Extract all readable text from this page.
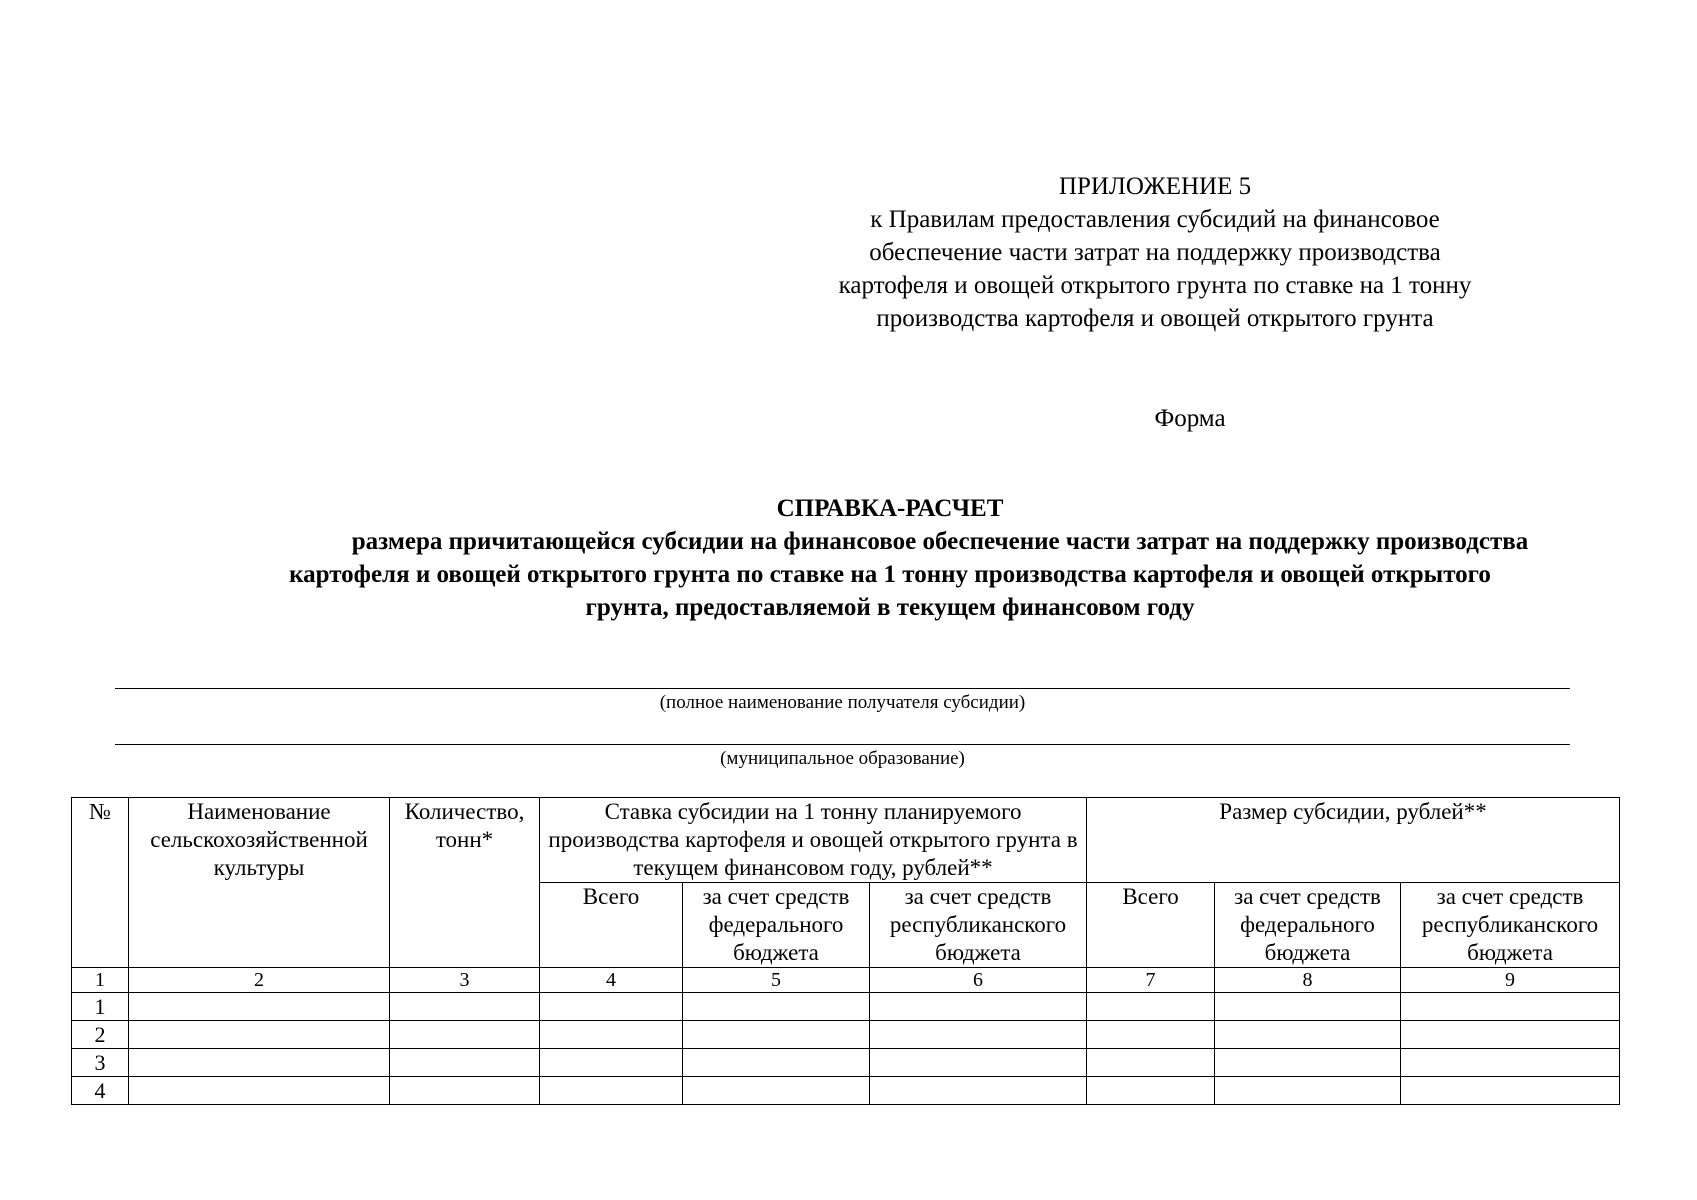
ПРИЛОЖЕНИЕ 5
к Правилам предоставления субсидий на финансовое
обеспечение части затрат на поддержку производства
картофеля и овощей открытого грунта по ставке на 1 тонну
производства картофеля и овощей открытого грунта
Форма
СПРАВКА-РАСЧЕТ
размера причитающейся субсидии на финансовое обеспечение части затрат на поддержку производства
картофеля и овощей открытого грунта по ставке на 1 тонну производства картофеля и овощей открытого
грунта, предоставляемой в текущем финансовом году
(полное наименование получателя субсидии)
(муниципальное образование)
№	Наименование сельскохозяйственной культуры	Количество, тонн*	Ставка субсидии на 1 тонну планируемого производства картофеля и овощей открытого грунта в текущем финансовом году, рублей**			Размер субсидии, рублей**		
			Всего	за счет средств федерального бюджета	за счет средств республиканского бюджета	Всего	за счет средств федерального бюджета	за счет средств республиканского бюджета
1	2	3	4	5	6	7	8	9
1								
2								
3								
4								
